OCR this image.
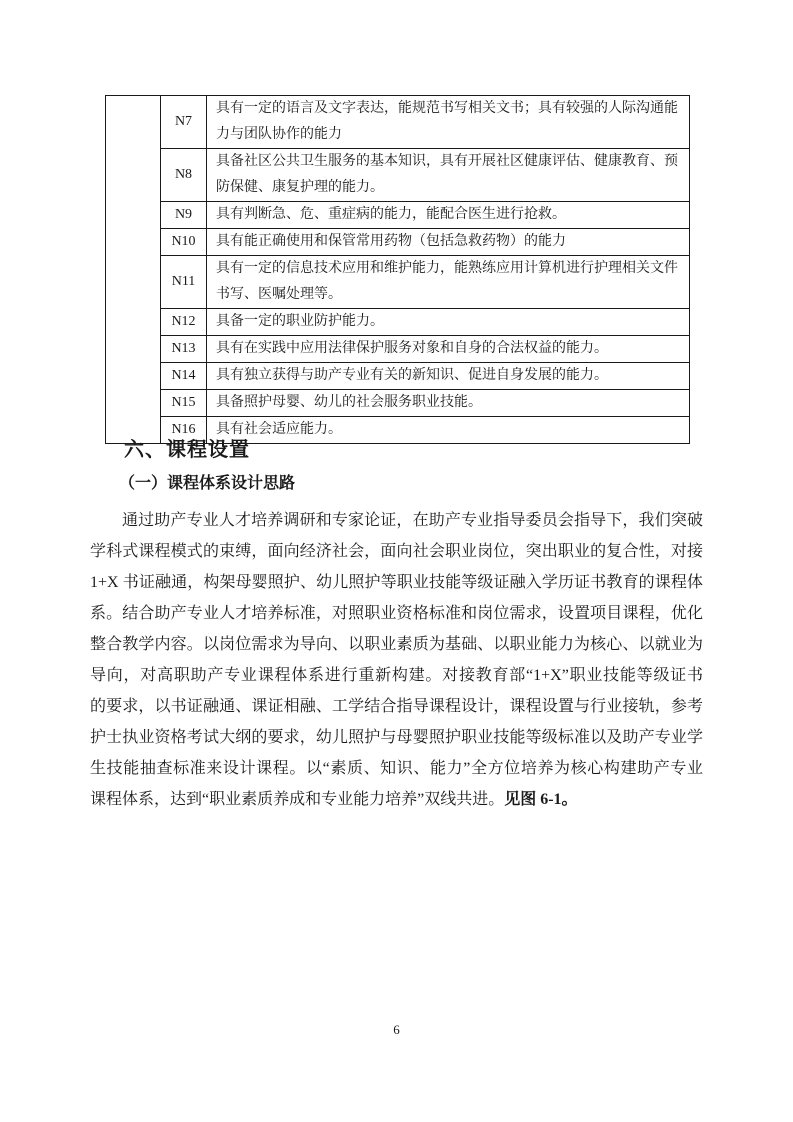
	N7	具有一定的语言及文字表达，能规范书写相关文书；具有较强的人际沟通能力与团队协作的能力
	N8	具备社区公共卫生服务的基本知识，具有开展社区健康评估、健康教育、预防保健、康复护理的能力。
	N9	具有判断急、危、重症病的能力，能配合医生进行抢救。
	N10	具有能正确使用和保管常用药物（包括急救药物）的能力
	N11	具有一定的信息技术应用和维护能力，能熟练应用计算机进行护理相关文件书写、医嘱处理等。
	N12	具备一定的职业防护能力。
	N13	具有在实践中应用法律保护服务对象和自身的合法权益的能力。
	N14	具有独立获得与助产专业有关的新知识、促进自身发展的能力。
	N15	具备照护母婴、幼儿的社会服务职业技能。
	N16	具有社会适应能力。
六、课程设置
（一）课程体系设计思路
通过助产专业人才培养调研和专家论证，在助产专业指导委员会指导下，我们突破
学科式课程模式的束缚，面向经济社会，面向社会职业岗位，突出职业的复合性，对接
1+X 书证融通，构架母婴照护、幼儿照护等职业技能等级证融入学历证书教育的课程体
系。结合助产专业人才培养标准，对照职业资格标准和岗位需求，设置项目课程，优化
整合教学内容。以岗位需求为导向、以职业素质为基础、以职业能力为核心、以就业为
导向，对高职助产专业课程体系进行重新构建。对接教育部“1+X”职业技能等级证书
的要求，以书证融通、课证相融、工学结合指导课程设计，课程设置与行业接轨，参考
护士执业资格考试大纲的要求，幼儿照护与母婴照护职业技能等级标准以及助产专业学
生技能抽查标准来设计课程。以“素质、知识、能力”全方位培养为核心构建助产专业
课程体系，达到“职业素质养成和专业能力培养”双线共进。见图 6-1。
6
